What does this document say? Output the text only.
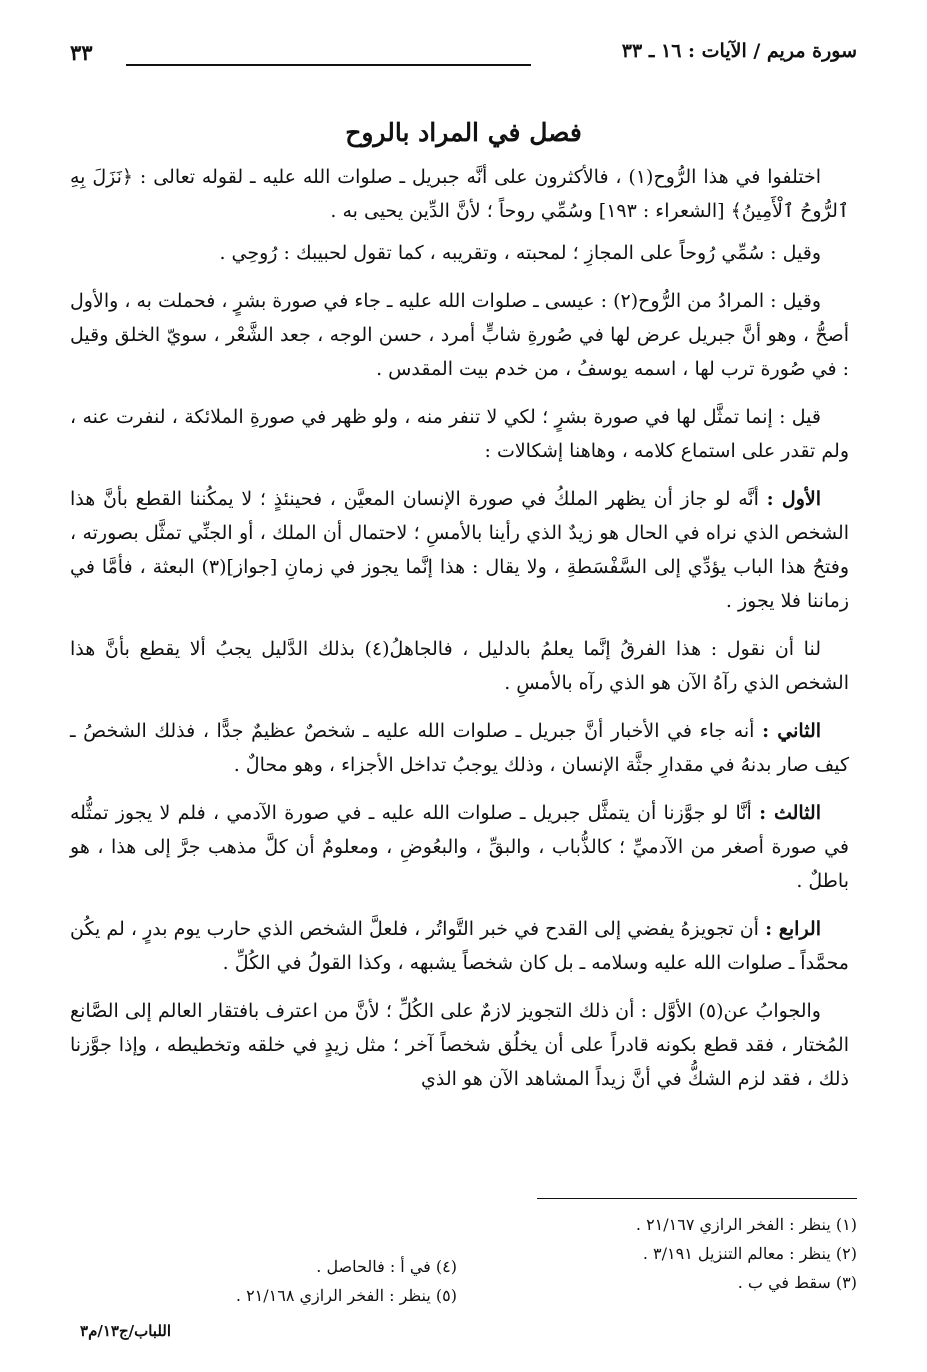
سورة مريم / الآيات : ١٦ ـ ٣٣
٣٣
فصل في المراد بالروح

اختلفوا في هذا الرُّوح(١) ، فالأكثرون على أنَّه جبريل ـ صلوات الله عليه ـ لقوله تعالى : ﴿نَزَلَ بِهِ ٱلرُّوحُ ٱلْأَمِينُ﴾ [الشعراء : ١٩٣] وسُمِّي روحاً ؛ لأنَّ الدِّين يحيى به .

وقيل : سُمِّي رُوحاً على المجازِ ؛ لمحبته ، وتقريبه ، كما تقول لحبيبك : رُوحِي .

وقيل : المرادُ من الرُّوح(٢) : عيسى ـ صلوات الله عليه ـ جاء في صورة بشرٍ ، فحملت به ، والأول أصحُّ ، وهو أنَّ جبريل عرض لها في صُورةِ شابٍّ أمرد ، حسن الوجه ، جعد الشَّعْر ، سويّ الخلق وقيل : في صُورة ترب لها ، اسمه يوسفُ ، من خدم بيت المقدس .

قيل : إنما تمثَّل لها في صورة بشرٍ ؛ لكي لا تنفر منه ، ولو ظهر في صورةِ الملائكة ، لنفرت عنه ، ولم تقدر على استماع كلامه ، وهاهنا إشكالات :

الأول : أنَّه لو جاز أن يظهر الملكُ في صورة الإنسان المعيَّن ، فحينئذٍ ؛ لا يمكُننا القطع بأنَّ هذا الشخص الذي نراه في الحال هو زيدٌ الذي رأينا بالأمسِ ؛ لاحتمال أن الملك ، أو الجنِّي تمثَّل بصورته ، وفتحُ هذا الباب يؤدِّي إلى السَّفْسَطةِ ، ولا يقال : هذا إنَّما يجوز في زمانِ [جواز](٣) البعثة ، فأمَّا في زماننا فلا يجوز .

لنا أن نقول : هذا الفرقُ إنَّما يعلمُ بالدليل ، فالجاهلُ(٤) بذلك الدَّليل يجبُ ألا يقطع بأنَّ هذا الشخص الذي رآهُ الآن هو الذي رآه بالأمسِ .

الثاني : أنه جاء في الأخبار أنَّ جبريل ـ صلوات الله عليه ـ شخصٌ عظيمٌ جدًّا ، فذلك الشخصُ ـ كيف صار بدنهُ في مقدارِ جثَّة الإنسان ، وذلك يوجبُ تداخل الأجزاء ، وهو محالٌ .

الثالث : أنَّا لو جوَّزنا أن يتمثَّل جبريل ـ صلوات الله عليه ـ في صورة الآدمي ، فلم لا يجوز تمثُّله في صورة أصغر من الآدميِّ ؛ كالذُّباب ، والبقِّ ، والبعُوضِ ، ومعلومٌ أن كلَّ مذهب جرَّ إلى هذا ، هو باطلٌ .

الرابع : أن تجويزهُ يفضي إلى القدح في خبر التَّواتُر ، فلعلَّ الشخص الذي حارب يوم بدرٍ ، لم يكُن محمَّداً ـ صلوات الله عليه وسلامه ـ بل كان شخصاً يشبهه ، وكذا القولُ في الكُلِّ .

والجوابُ عن(٥) الأوَّل : أن ذلك التجويز لازمٌ على الكُلِّ ؛ لأنَّ من اعترف بافتقار العالم إلى الصَّانع المُختار ، فقد قطع بكونه قادراً على أن يخلُق شخصاً آخر ؛ مثل زيدٍ في خلقه وتخطيطه ، وإذا جوَّزنا ذلك ، فقد لزم الشكُّ في أنَّ زيداً المشاهد الآن هو الذي

(١) ينظر : الفخر الرازي ٢١/١٦٧ .
(٢) ينظر : معالم التنزيل ٣/١٩١ .
(٣) سقط في ب .
(٤) في أ : فالحاصل .
(٥) ينظر : الفخر الرازي ٢١/١٦٨ .
اللباب/ج١٣/م٣
